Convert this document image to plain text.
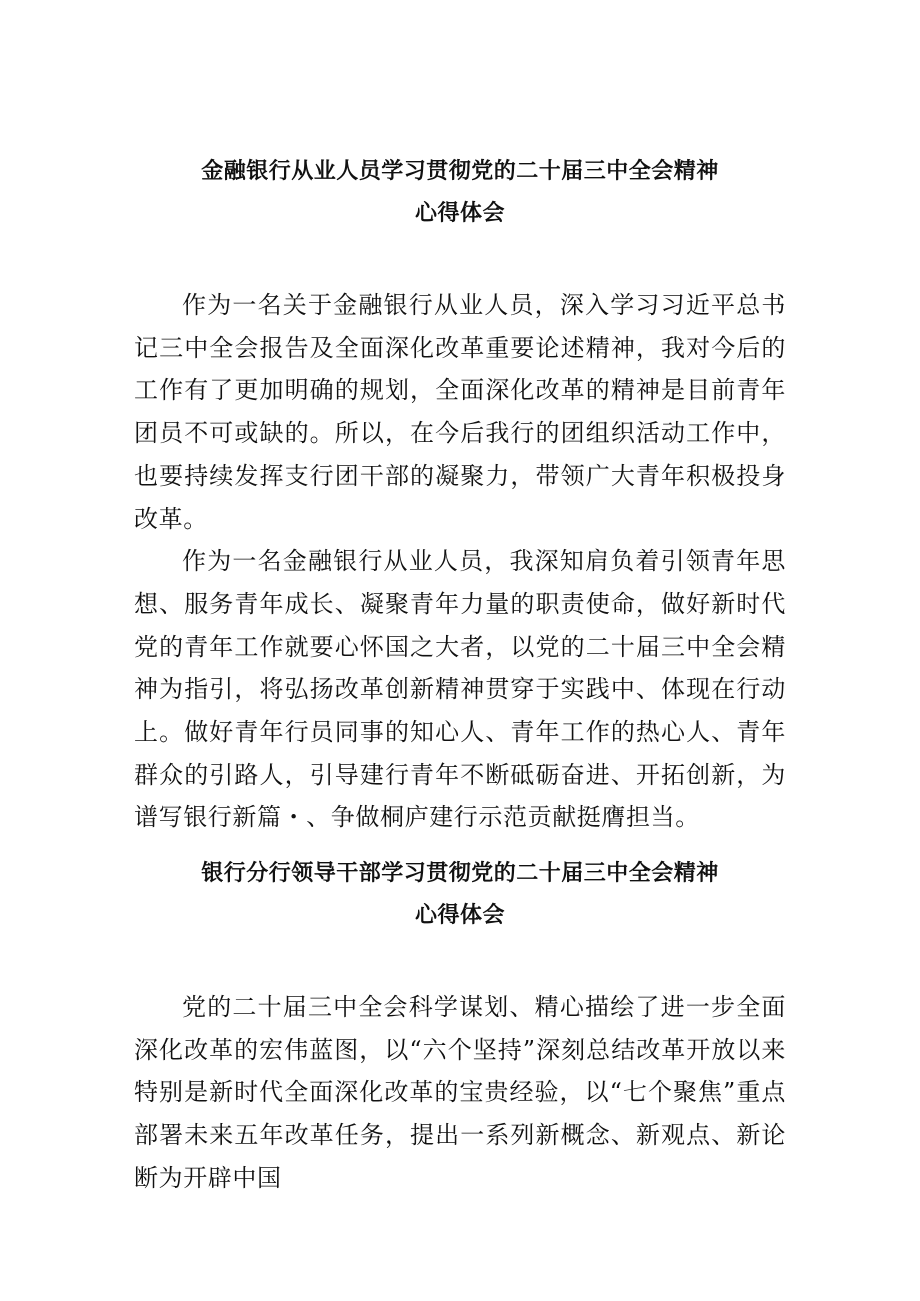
金融银行从业人员学习贯彻党的二十届三中全会精神
心得体会

作为一名关于金融银行从业人员，深入学习习近平总书记三中全会报告及全面深化改革重要论述精神，我对今后的工作有了更加明确的规划，全面深化改革的精神是目前青年团员不可或缺的。所以，在今后我行的团组织活动工作中，也要持续发挥支行团干部的凝聚力，带领广大青年积极投身改革。

作为一名金融银行从业人员，我深知肩负着引领青年思想、服务青年成长、凝聚青年力量的职责使命，做好新时代党的青年工作就要心怀国之大者，以党的二十届三中全会精神为指引，将弘扬改革创新精神贯穿于实践中、体现在行动上。做好青年行员同事的知心人、青年工作的热心人、青年群众的引路人，引导建行青年不断砥砺奋进、开拓创新，为谱写银行新篇・、争做桐庐建行示范贡献挺膺担当。

银行分行领导干部学习贯彻党的二十届三中全会精神
心得体会

党的二十届三中全会科学谋划、精心描绘了进一步全面深化改革的宏伟蓝图，以“六个坚持”深刻总结改革开放以来特别是新时代全面深化改革的宝贵经验，以“七个聚焦”重点部署未来五年改革任务，提出一系列新概念、新观点、新论断为开辟中国
